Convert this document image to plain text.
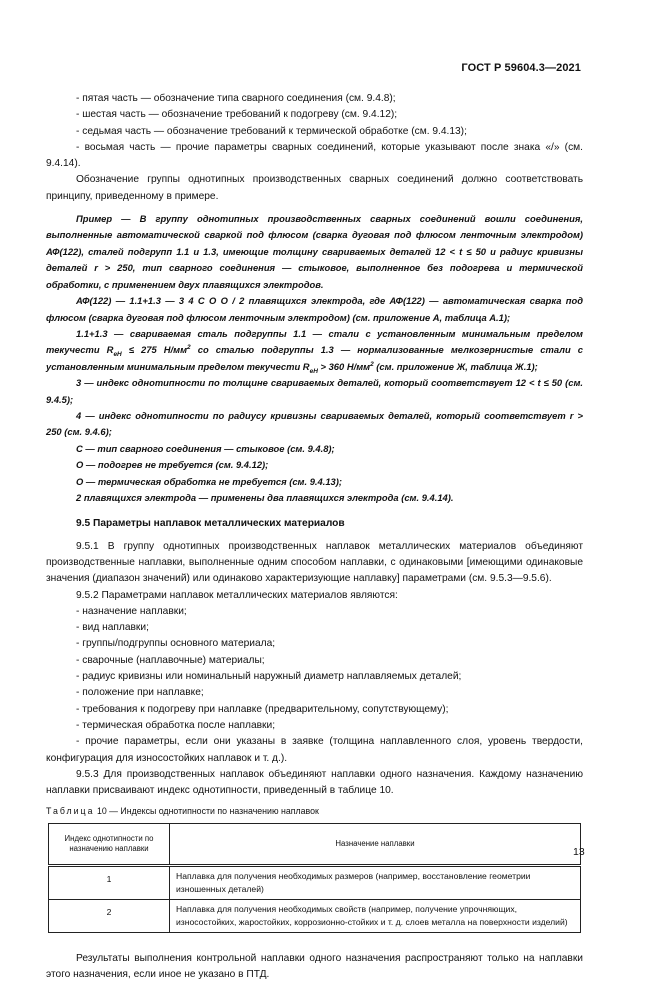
ГОСТ Р 59604.3—2021

- пятая часть — обозначение типа сварного соединения (см. 9.4.8);

- шестая часть — обозначение требований к подогреву (см. 9.4.12);

- седьмая часть — обозначение требований к термической обработке (см. 9.4.13);

- восьмая часть — прочие параметры сварных соединений, которые указывают после знака «/» (см. 9.4.14).

Обозначение группы однотипных производственных сварных соединений должно соответствовать принципу, приведенному в примере.

Пример — В группу однотипных производственных сварных соединений вошли соединения, выполненные автоматической сваркой под флюсом (сварка дуговая под флюсом ленточным электродом) АФ(122), сталей подгрупп 1.1 и 1.3, имеющие толщину свариваемых деталей 12 < t ≤ 50 и радиус кривизны деталей r > 250, тип сварного соединения — стыковое, выполненное без подогрева и термической обработки, с применением двух плавящихся электродов.

АФ(122) — 1.1+1.3 — 3 4 С О О / 2 плавящихся электрода, где АФ(122) — автоматическая сварка под флюсом (сварка дуговая под флюсом ленточным электродом) (см. приложение А, таблица А.1);

1.1+1.3 — свариваемая сталь подгруппы 1.1 — стали с установленным минимальным пределом текучести $R_{eH} \le 275$ $Н/мм^2$ со сталью подгруппы 1.3 — нормализованные мелкозернистые стали с установленным минимальным пределом текучести $R_{eH} > 360$ $Н/мм^2$ (см. приложение Ж, таблица Ж.1);

3 — индекс однотипности по толщине свариваемых деталей, который соответствует 12 < t ≤ 50 (см. 9.4.5);

4 — индекс однотипности по радиусу кривизны свариваемых деталей, который соответствует r > 250 (см. 9.4.6);

С — тип сварного соединения — стыковое (см. 9.4.8);

О — подогрев не требуется (см. 9.4.12);

О — термическая обработка не требуется (см. 9.4.13);

2 плавящихся электрода — применены два плавящихся электрода (см. 9.4.14).

9.5 Параметры наплавок металлических материалов

9.5.1 В группу однотипных производственных наплавок металлических материалов объединяют производственные наплавки, выполненные одним способом наплавки, с одинаковыми [имеющими одинаковые значения (диапазон значений) или одинаково характеризующие наплавку] параметрами (см. 9.5.3—9.5.6).

9.5.2 Параметрами наплавок металлических материалов являются:

- назначение наплавки;

- вид наплавки;

- группы/подгруппы основного материала;

- сварочные (наплавочные) материалы;

- радиус кривизны или номинальный наружный диаметр наплавляемых деталей;

- положение при наплавке;

- требования к подогреву при наплавке (предварительному, сопутствующему);

- термическая обработка после наплавки;

- прочие параметры, если они указаны в заявке (толщина наплавленного слоя, уровень твердости, конфигурация для износостойких наплавок и т. д.).

9.5.3 Для производственных наплавок объединяют наплавки одного назначения. Каждому назначению наплавки присваивают индекс однотипности, приведенный в таблице 10.

Таблица 10 — Индексы однотипности по назначению наплавок
Индекс однотипности по назначению наплавки	Назначение наплавки
1	Наплавка для получения необходимых размеров (например, восстановление геометрии изношенных деталей)
2	Наплавка для получения необходимых свойств (например, получение упрочняющих, износостойких, жаростойких, коррозионно-стойких и т. д. слоев металла на поверхности изделий)

Результаты выполнения контрольной наплавки одного назначения распространяют только на наплавки этого назначения, если иное не указано в ПТД.

13
